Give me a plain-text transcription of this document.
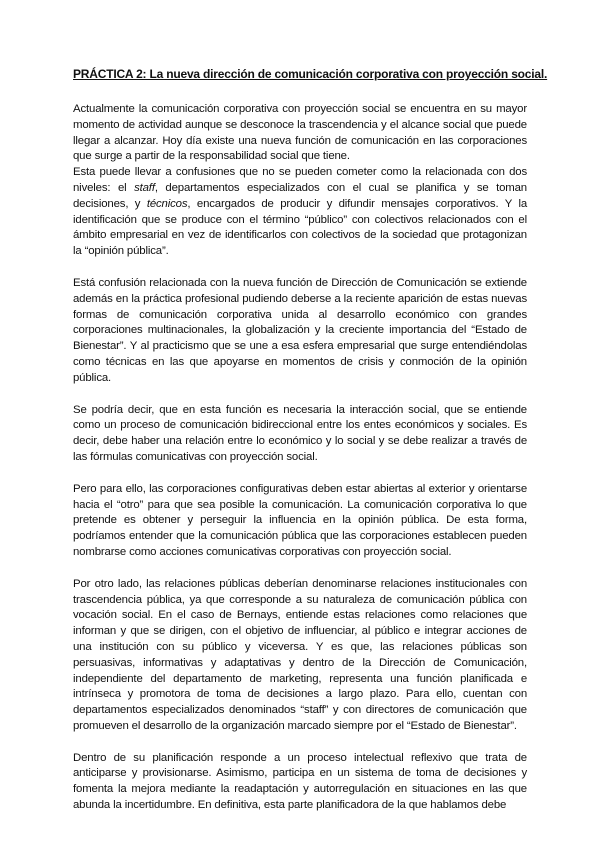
PRÁCTICA 2: La nueva dirección de comunicación corporativa con proyección social.

Actualmente la comunicación corporativa con proyección social se encuentra en su mayor momento de actividad aunque se desconoce la trascendencia y el alcance social que puede llegar a alcanzar. Hoy día existe una nueva función de comunicación en las corporaciones que surge a partir de la responsabilidad social que tiene.

Esta puede llevar a confusiones que no se pueden cometer como la relacionada con dos niveles: el staff, departamentos especializados con el cual se planifica y se toman decisiones, y técnicos, encargados de producir y difundir mensajes corporativos. Y la identificación que se produce con el término “público” con colectivos relacionados con el ámbito empresarial en vez de identificarlos con colectivos de la sociedad que protagonizan la “opinión pública”.

Está confusión relacionada con la nueva función de Dirección de Comunicación se extiende además en la práctica profesional pudiendo deberse a la reciente aparición de estas nuevas formas de comunicación corporativa unida al desarrollo económico con grandes corporaciones multinacionales, la globalización y la creciente importancia del “Estado de Bienestar”. Y al practicismo que se une a esa esfera empresarial que surge entendiéndolas como técnicas en las que apoyarse en momentos de crisis y conmoción de la opinión pública.

Se podría decir, que en esta función es necesaria la interacción social, que se entiende como un proceso de comunicación bidireccional entre los entes económicos y sociales. Es decir, debe haber una relación entre lo económico y lo social y se debe realizar a través de las fórmulas comunicativas con proyección social.

Pero para ello, las corporaciones configurativas deben estar abiertas al exterior y orientarse hacia el “otro” para que sea posible la comunicación. La comunicación corporativa lo que pretende es obtener y perseguir la influencia en la opinión pública. De esta forma, podríamos entender que la comunicación pública que las corporaciones establecen pueden nombrarse como acciones comunicativas corporativas con proyección social.

Por otro lado, las relaciones públicas deberían denominarse relaciones institucionales con trascendencia pública, ya que corresponde a su naturaleza de comunicación pública con vocación social. En el caso de Bernays, entiende estas relaciones como relaciones que informan y que se dirigen, con el objetivo de influenciar, al público e integrar acciones de una institución con su público y viceversa. Y es que, las relaciones públicas son persuasivas, informativas y adaptativas y dentro de la Dirección de Comunicación, independiente del departamento de marketing, representa una función planificada e intrínseca y promotora de toma de decisiones a largo plazo. Para ello, cuentan con departamentos especializados denominados “staff” y con directores de comunicación que promueven el desarrollo de la organización marcado siempre por el “Estado de Bienestar”.

Dentro de su planificación responde a un proceso intelectual reflexivo que trata de anticiparse y provisionarse. Asimismo, participa en un sistema de toma de decisiones y fomenta la mejora mediante la readaptación y autorregulación en situaciones en las que abunda la incertidumbre. En definitiva, esta parte planificadora de la que hablamos debe
